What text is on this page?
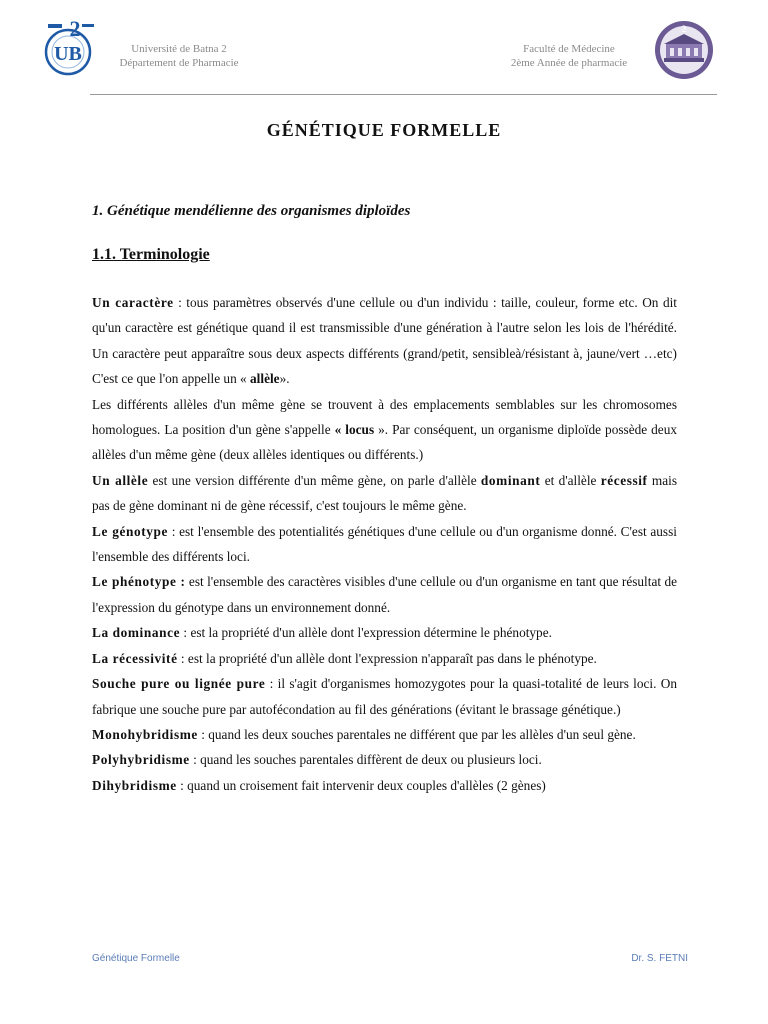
UB
2
Université de Batna 2
Département de Pharmacie
Faculté de Médecine
2ème Année de pharmacie
2
GÉNÉTIQUE FORMELLE
1. Génétique mendélienne des organismes diploïdes
1.1. Terminologie

Un caractère : tous paramètres observés d'une cellule ou d'un individu : taille, couleur, forme etc. On dit qu'un caractère est génétique quand il est transmissible d'une génération à l'autre selon les lois de l'hérédité. Un caractère peut apparaître sous deux aspects différents (grand/petit, sensibleà/résistant à, jaune/vert …etc) C'est ce que l'on appelle un « allèle».

Les différents allèles d'un même gène se trouvent à des emplacements semblables sur les chromosomes homologues. La position d'un gène s'appelle « locus ». Par conséquent, un organisme diploïde possède deux allèles d'un même gène (deux allèles identiques ou différents.)

Un allèle est une version différente d'un même gène, on parle d'allèle dominant et d'allèle récessif mais pas de gène dominant ni de gène récessif, c'est toujours le même gène.

Le génotype : est l'ensemble des potentialités génétiques d'une cellule ou d'un organisme donné. C'est aussi l'ensemble des différents loci.

Le phénotype : est l'ensemble des caractères visibles d'une cellule ou d'un organisme en tant que résultat de l'expression du génotype dans un environnement donné.

La dominance : est la propriété d'un allèle dont l'expression détermine le phénotype.

La récessivité : est la propriété d'un allèle dont l'expression n'apparaît pas dans le phénotype.

Souche pure ou lignée pure : il s'agit d'organismes homozygotes pour la quasi-totalité de leurs loci. On fabrique une souche pure par autofécondation au fil des générations (évitant le brassage génétique.)

Monohybridisme : quand les deux souches parentales ne différent que par les allèles d'un seul gène.

Polyhybridisme : quand les souches parentales diffèrent de deux ou plusieurs loci.

Dihybridisme : quand un croisement fait intervenir deux couples d'allèles (2 gènes)

Génétique Formelle	Dr. S. FETNI
